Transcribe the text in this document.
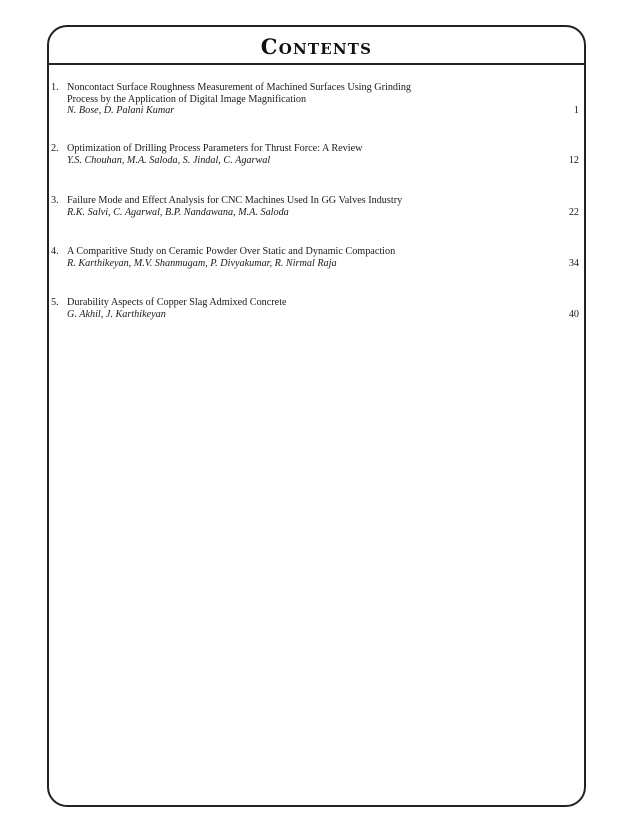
Contents
1. Noncontact Surface Roughness Measurement of Machined Surfaces Using Grinding
Process by the Application of Digital Image Magnification
N. Bose, D. Palani Kumar	1
2. Optimization of Drilling Process Parameters for Thrust Force: A Review
Y.S. Chouhan, M.A. Saloda, S. Jindal, C. Agarwal	12
3. Failure Mode and Effect Analysis for CNC Machines Used In GG Valves Industry
R.K. Salvi, C. Agarwal, B.P. Nandawana, M.A. Saloda	22
4. A Comparitive Study on Ceramic Powder Over Static and Dynamic Compaction
R. Karthikeyan, M.V. Shanmugam, P. Divyakumar, R. Nirmal Raja	34
5. Durability Aspects of Copper Slag Admixed Concrete
G. Akhil, J. Karthikeyan	40
